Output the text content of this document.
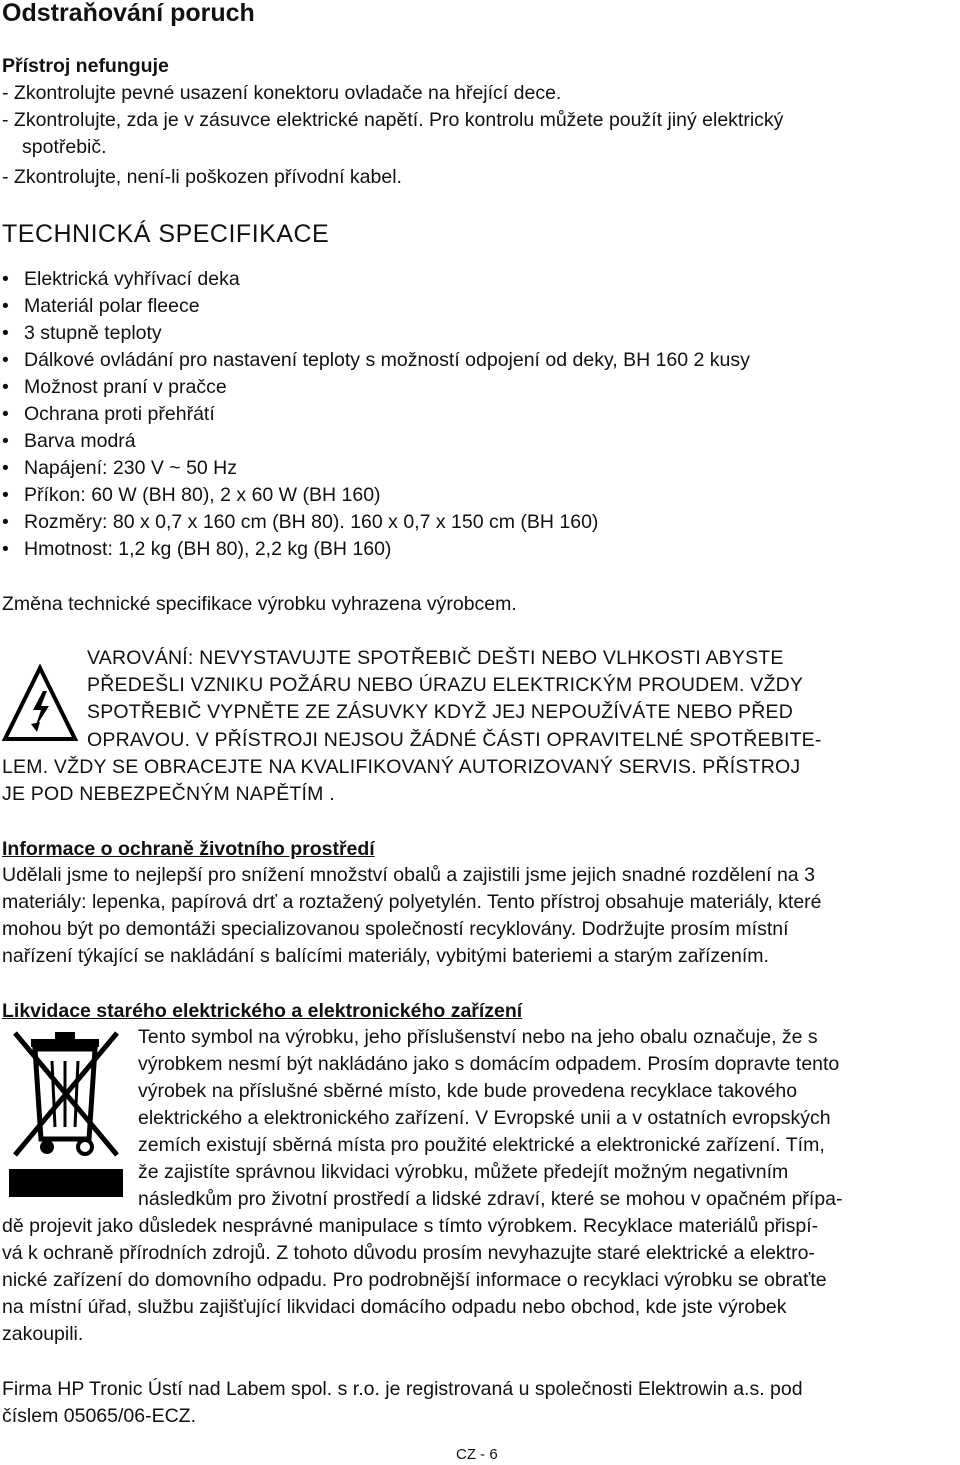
Odstraňování poruch
Přístroj nefunguje
- Zkontrolujte pevné usazení konektoru ovladače na hřející dece.
- Zkontrolujte, zda je v zásuvce elektrické napětí. Pro kontrolu můžete použít jiný elektrický
spotřebič.
- Zkontrolujte, není-li poškozen přívodní kabel.
TECHNICKÁ SPECIFIKACE
• Elektrická vyhřívací deka
• Materiál polar fleece
• 3 stupně teploty
• Dálkové ovládání pro nastavení teploty s možností odpojení od deky, BH 160 2 kusy
• Možnost praní v pračce
• Ochrana proti přehřátí
• Barva modrá
• Napájení: 230 V ~ 50 Hz
• Příkon: 60 W (BH 80), 2 x 60 W (BH 160)
• Rozměry: 80 x 0,7 x 160 cm (BH 80). 160 x 0,7 x 150 cm (BH 160)
• Hmotnost: 1,2 kg (BH 80), 2,2 kg (BH 160)
Změna technické specifikace výrobku vyhrazena výrobcem.
VAROVÁNÍ: NEVYSTAVUJTE SPOTŘEBIČ DEŠTI NEBO VLHKOSTI ABYSTE
PŘEDEŠLI VZNIKU POŽÁRU NEBO ÚRAZU ELEKTRICKÝM PROUDEM. VŽDY
SPOTŘEBIČ VYPNĚTE ZE ZÁSUVKY KDYŽ JEJ NEPOUŽÍVÁTE NEBO PŘED
OPRAVOU. V PŘÍSTROJI NEJSOU ŽÁDNÉ ČÁSTI OPRAVITELNÉ SPOTŘEBITE-
LEM. VŽDY SE OBRACEJTE NA KVALIFIKOVANÝ AUTORIZOVANÝ SERVIS. PŘÍSTROJ
JE POD NEBEZPEČNÝM NAPĚTÍM .
Informace o ochraně životního prostředí
Udělali jsme to nejlepší pro snížení množství obalů a zajistili jsme jejich snadné rozdělení na 3
materiály: lepenka, papírová drť a roztažený polyetylén. Tento přístroj obsahuje materiály, které
mohou být po demontáži specializovanou společností recyklovány. Dodržujte prosím místní
nařízení týkající se nakládání s balícími materiály, vybitými bateriemi a starým zařízením.
Likvidace starého elektrického a elektronického zařízení
Tento symbol na výrobku, jeho příslušenství nebo na jeho obalu označuje, že s
výrobkem nesmí být nakládáno jako s domácím odpadem. Prosím dopravte tento
výrobek na příslušné sběrné místo, kde bude provedena recyklace takového
elektrického a elektronického zařízení. V Evropské unii a v ostatních evropských
zemích existují sběrná místa pro použité elektrické a elektronické zařízení. Tím,
že zajistíte správnou likvidaci výrobku, můžete předejít možným negativním
následkům pro životní prostředí a lidské zdraví, které se mohou v opačném přípa-
dě projevit jako důsledek nesprávné manipulace s tímto výrobkem. Recyklace materiálů přispí-
vá k ochraně přírodních zdrojů. Z tohoto důvodu prosím nevyhazujte staré elektrické a elektro-
nické zařízení do domovního odpadu. Pro podrobnější informace o recyklaci výrobku se obraťte
na místní úřad, službu zajišťující likvidaci domácího odpadu nebo obchod, kde jste výrobek
zakoupili.
Firma HP Tronic Ústí nad Labem spol. s r.o. je registrovaná u společnosti Elektrowin a.s. pod
číslem 05065/06-ECZ.
CZ - 6
